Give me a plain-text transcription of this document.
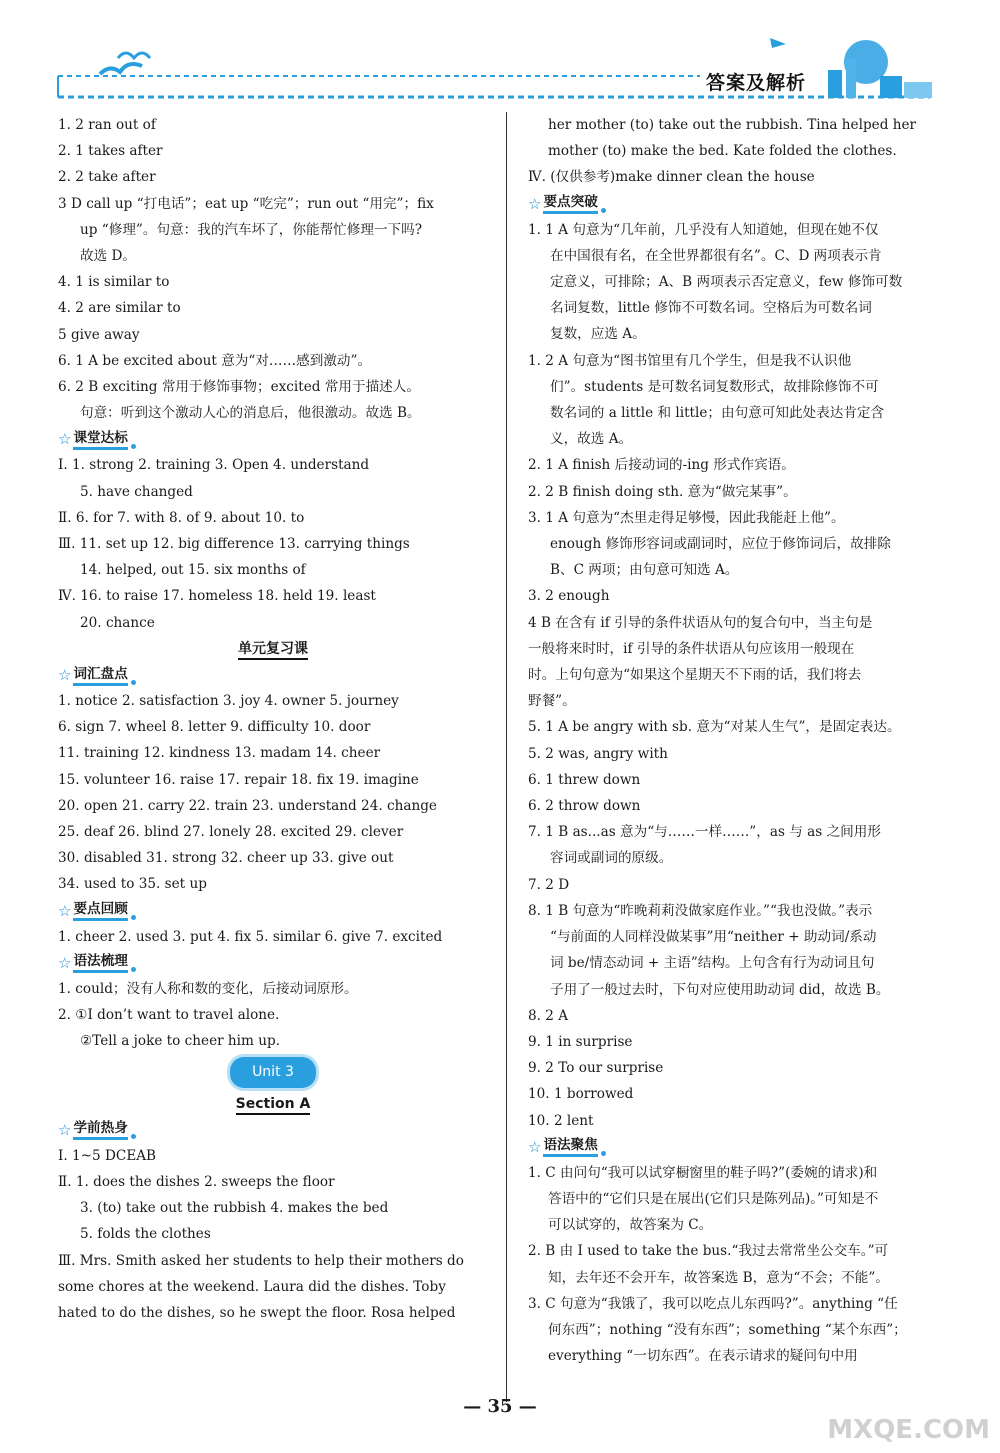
答案及解析
1. 2 ran out of
2. 1 takes after
2. 2 take after
3 D call up “打电话”；eat up “吃完”；run out “用完”；fix
up “修理”。句意：我的汽车坏了，你能帮忙修理一下吗?
故选 D。
4. 1 is similar to
4. 2 are similar to
5 give away
6. 1 A be excited about 意为“对……感到激动”。
6. 2 B exciting 常用于修饰事物；excited 常用于描述人。
句意：听到这个激动人心的消息后，他很激动。故选 B。
☆ 课堂达标
Ⅰ. 1. strong 2. training 3. Open 4. understand
5. have changed
Ⅱ. 6. for 7. with 8. of 9. about 10. to
Ⅲ. 11. set up 12. big difference 13. carrying things
14. helped, out 15. six months of
Ⅳ. 16. to raise 17. homeless 18. held 19. least
20. chance
单元复习课
☆ 词汇盘点
1. notice 2. satisfaction 3. joy 4. owner 5. journey
6. sign 7. wheel 8. letter 9. difficulty 10. door
11. training 12. kindness 13. madam 14. cheer
15. volunteer 16. raise 17. repair 18. fix 19. imagine
20. open 21. carry 22. train 23. understand 24. change
25. deaf 26. blind 27. lonely 28. excited 29. clever
30. disabled 31. strong 32. cheer up 33. give out
34. used to 35. set up
☆ 要点回顾
1. cheer 2. used 3. put 4. fix 5. similar 6. give 7. excited
☆ 语法梳理
1. could；没有人称和数的变化，后接动词原形。
2. ①I don’t want to travel alone.
②Tell a joke to cheer him up.
Unit 3
Section A
☆ 学前热身
Ⅰ. 1~5 DCEAB
Ⅱ. 1. does the dishes 2. sweeps the floor
3. (to) take out the rubbish 4. makes the bed
5. folds the clothes
Ⅲ. Mrs. Smith asked her students to help their mothers do
some chores at the weekend. Laura did the dishes. Toby
hated to do the dishes, so he swept the floor. Rosa helped
her mother (to) take out the rubbish. Tina helped her
mother (to) make the bed. Kate folded the clothes.
Ⅳ. (仅供参考)make dinner clean the house
☆ 要点突破
1. 1 A 句意为“几年前，几乎没有人知道她，但现在她不仅
在中国很有名，在全世界都很有名”。C、D 两项表示肯
定意义，可排除；A、B 两项表示否定意义，few 修饰可数
名词复数，little 修饰不可数名词。空格后为可数名词
复数，应选 A。
1. 2 A 句意为“图书馆里有几个学生，但是我不认识他
们”。students 是可数名词复数形式，故排除修饰不可
数名词的 a little 和 little；由句意可知此处表达肯定含
义，故选 A。
2. 1 A finish 后接动词的-ing 形式作宾语。
2. 2 B finish doing sth. 意为“做完某事”。
3. 1 A 句意为“杰里走得足够慢，因此我能赶上他”。
enough 修饰形容词或副词时，应位于修饰词后，故排除
B、C 两项；由句意可知选 A。
3. 2 enough
4 B 在含有 if 引导的条件状语从句的复合句中，当主句是
一般将来时时，if 引导的条件状语从句应该用一般现在
时。上句句意为“如果这个星期天不下雨的话，我们将去
野餐”。
5. 1 A be angry with sb. 意为“对某人生气”，是固定表达。
5. 2 was, angry with
6. 1 threw down
6. 2 throw down
7. 1 B as...as 意为“与……一样……”，as 与 as 之间用形
容词或副词的原级。
7. 2 D
8. 1 B 句意为“昨晚莉莉没做家庭作业。”“我也没做。”表示
“与前面的人同样没做某事”用“neither + 助动词/系动
词 be/情态动词 + 主语”结构。上句含有行为动词且句
子用了一般过去时，下句对应使用助动词 did，故选 B。
8. 2 A
9. 1 in surprise
9. 2 To our surprise
10. 1 borrowed
10. 2 lent
☆ 语法聚焦
1. C 由问句“我可以试穿橱窗里的鞋子吗?”(委婉的请求)和
答语中的“它们只是在展出(它们只是陈列品)。”可知是不
可以试穿的，故答案为 C。
2. B 由 I used to take the bus.“我过去常常坐公交车。”可
知，去年还不会开车，故答案选 B，意为“不会；不能”。
3. C 句意为“我饿了，我可以吃点儿东西吗?”。anything “任
何东西”；nothing “没有东西”；something “某个东西”；
everything “一切东西”。在表示请求的疑问句中用
— 35 —
MXQE.COM
